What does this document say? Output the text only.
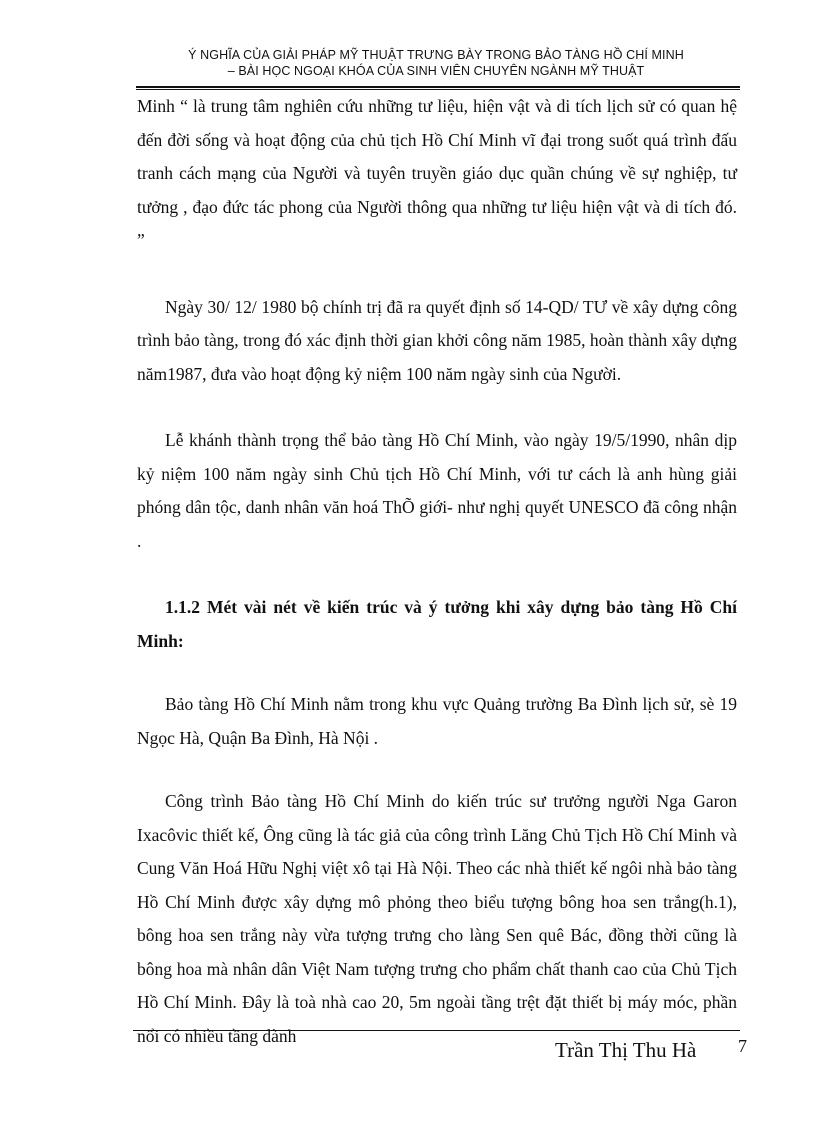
Ý NGHĨA CỦA GIẢI PHÁP MỸ THUẬT TRƯNG BÀY TRONG BẢO TÀNG HỒ CHÍ MINH
– BÀI HỌC NGOẠI KHÓA CỦA SINH VIÊN CHUYÊN NGÀNH MỸ THUẬT

Minh “ là trung tâm nghiên cứu những tư liệu, hiện vật và di tích lịch sử có quan hệ đến đời sống và hoạt động của chủ tịch Hồ Chí Minh vĩ đại trong suốt quá trình đấu tranh cách mạng của Người và tuyên truyền giáo dục quần chúng về sự nghiệp, tư tưởng , đạo đức tác phong của Người thông qua những tư liệu hiện vật và di tích đó. ”

Ngày 30/ 12/ 1980 bộ chính trị đã ra quyết định số 14-QD/ TƯ về xây dựng công trình bảo tàng, trong đó xác định thời gian khởi công năm 1985, hoàn thành xây dựng năm1987, đưa vào hoạt động kỷ niệm 100 năm ngày sinh của Người.

Lễ khánh thành trọng thể bảo tàng Hồ Chí Minh, vào ngày 19/5/1990, nhân dịp kỷ niệm 100 năm ngày sinh Chủ tịch Hồ Chí Minh, với tư cách là anh hùng giải phóng dân tộc, danh nhân văn hoá ThÕ giới- như nghị quyết UNESCO đã công nhận .

1.1.2 Mét vài nét về kiến trúc và ý tưởng khi xây dựng bảo tàng Hồ Chí Minh:

Bảo tàng Hồ Chí Minh nằm trong khu vực Quảng trường Ba Đình lịch sử, sè 19 Ngọc Hà, Quận Ba Đình, Hà Nội .

Công trình Bảo tàng Hồ Chí Minh do kiến trúc sư trưởng người Nga Garon Ixacôvic thiết kế, Ông cũng là tác giả của công trình Lăng Chủ Tịch Hồ Chí Minh và Cung Văn Hoá Hữu Nghị việt xô tại Hà Nội. Theo các nhà thiết kế ngôi nhà bảo tàng Hồ Chí Minh được xây dựng mô phỏng theo biểu tượng bông hoa sen trắng(h.1), bông hoa sen trắng này vừa tượng trưng cho làng Sen quê Bác, đồng thời cũng là bông hoa mà nhân dân Việt Nam tượng trưng cho phẩm chất thanh cao của Chủ Tịch Hồ Chí Minh. Đây là toà nhà cao 20, 5m ngoài tầng trệt đặt thiết bị máy móc, phần nổi có nhiều tầng dành

Trần Thị Thu Hà 7
